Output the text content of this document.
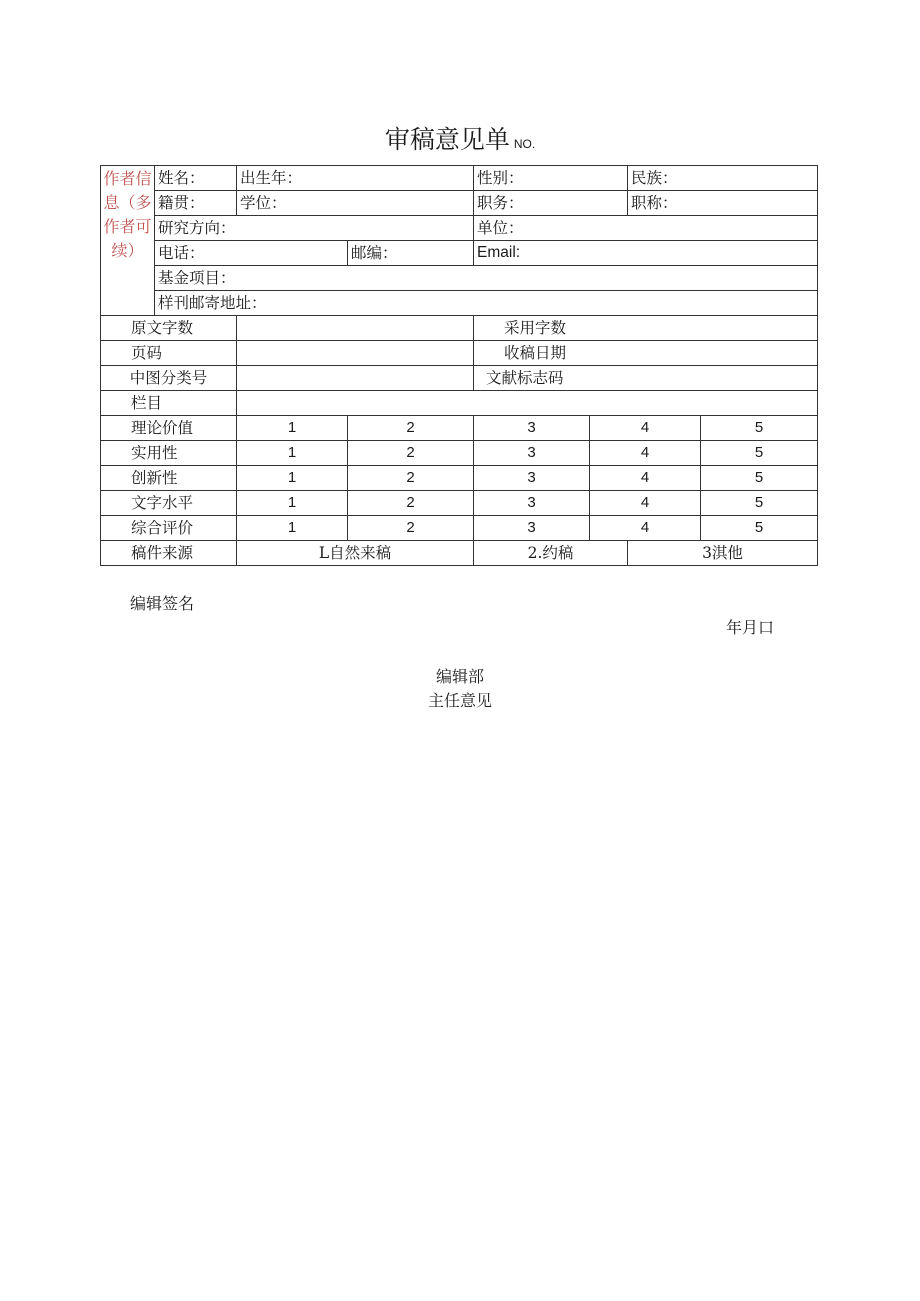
审稿意见单 NO.
作者信息（多作者可续）	姓名：	出生年：		性别：		民族：	
	籍贯：	学位：		职务：		职称：	
	研究方向：			单位：			
	电话：		邮编：	Email:			
	基金项目：						
	样刊邮寄地址：						
原文字数				采用字数			
页码				收稿日期			
中图分类号				文献标志码			
栏目							
理论价值		1	2	3	4		5
实用性		1	2	3	4		5
创新性		1	2	3	4		5
文字水平		1	2	3	4		5
综合评价		1	2	3	4		5
稿件来源		L自然来稿		2.约稿		3淇他	
编辑签名
年月口
编辑部
主任意见
